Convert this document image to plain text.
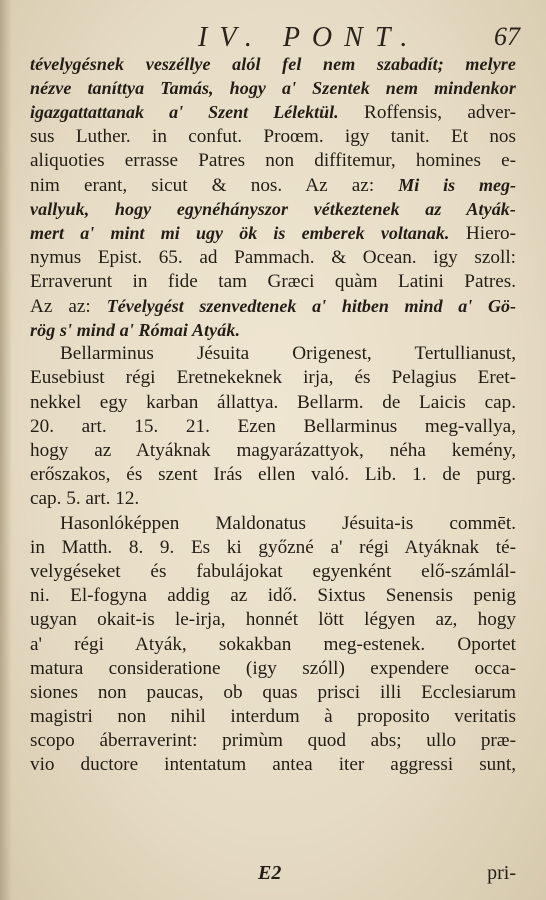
IV. PONT.	67
tévelygésnek veszéllye alól fel nem szabadít; melyre
nézve taníttya Tamás, hogy a' Szentek nem mindenkor
igazgattattanak a' Szent Lélektül. Roffensis, adver-
sus Luther. in confut. Proœm. igy tanit. Et nos
aliquoties errasse Patres non diffitemur, homines e-
nim erant, sicut & nos. Az az: Mi is meg-
vallyuk, hogy egynéhányszor vétkeztenek az Atyák-
mert a' mint mi ugy ök is emberek voltanak. Hiero-
nymus Epist. 65. ad Pammach. & Ocean. igy szoll:
Erraverunt in fide tam Græci quàm Latini Patres.
Az az: Tévelygést szenvedtenek a' hitben mind a' Gö-
rög s' mind a' Római Atyák.
Bellarminus Jésuita Origenest, Tertullianust,
Eusebiust régi Eretnekeknek irja, és Pelagius Eret-
nekkel egy karban állattya. Bellarm. de Laicis cap.
20. art. 15. 21. Ezen Bellarminus meg-vallya,
hogy az Atyáknak magyarázattyok, néha kemény,
erőszakos, és szent Irás ellen való. Lib. 1. de purg.
cap. 5. art. 12.
Hasonlóképpen Maldonatus Jésuita-is commēt.
in Matth. 8. 9. Es ki győzné a' régi Atyáknak té-
velygéseket és fabulájokat egyenként elő-számlál-
ni. El-fogyna addig az idő. Sixtus Senensis penig
ugyan okait-is le-irja, honnét lött légyen az, hogy
a' régi Atyák, sokakban meg-estenek. Oportet
matura consideratione (igy szóll) expendere occa-
siones non paucas, ob quas prisci illi Ecclesiarum
magistri non nihil interdum à proposito veritatis
scopo áberraverint: primùm quod abs; ullo præ-
vio ductore intentatum antea iter aggressi sunt,
E2	pri-
